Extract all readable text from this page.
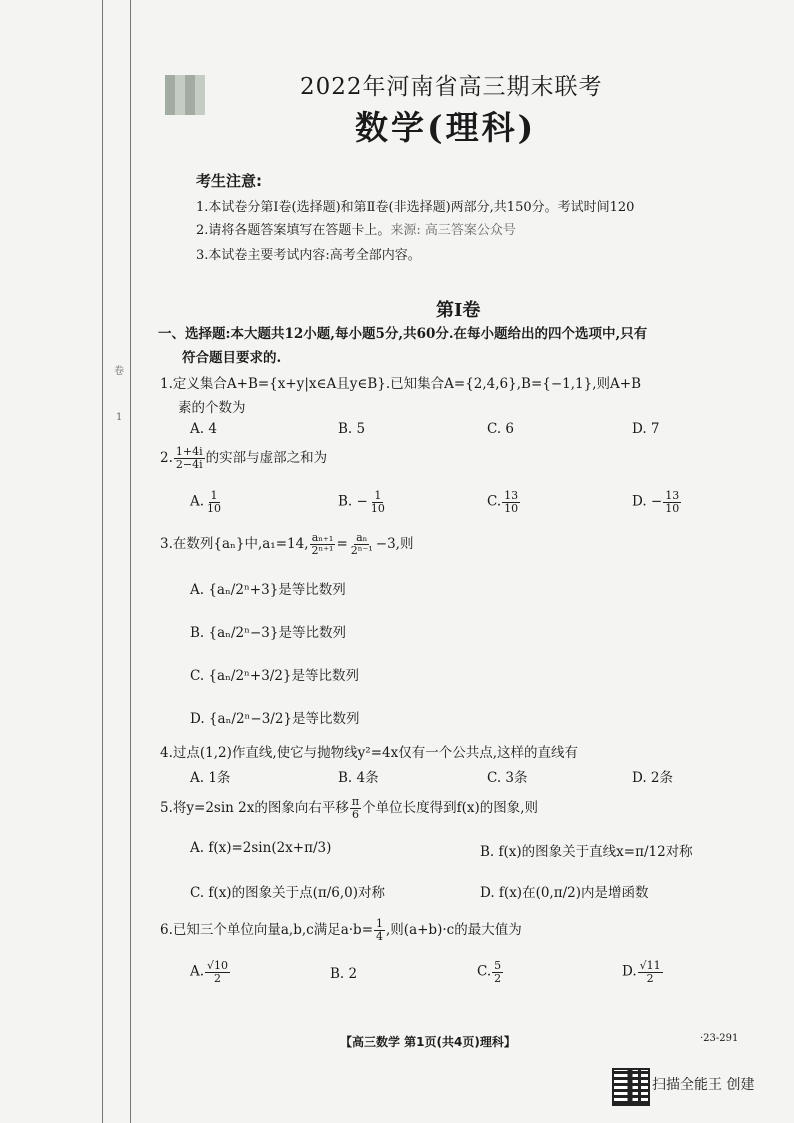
卷
1
2022年河南省高三期末联考
数学(理科)
考生注意:
1.本试卷分第Ⅰ卷(选择题)和第Ⅱ卷(非选择题)两部分,共150分。考试时间120
2.请将各题答案填写在答题卡上。来源: 高三答案公众号
3.本试卷主要考试内容:高考全部内容。
第Ⅰ卷
一、选择题:本大题共12小题,每小题5分,共60分.在每小题给出的四个选项中,只有
符合题目要求的.
1.定义集合A+B={x+y|x∈A且y∈B}.已知集合A={2,4,6},B={−1,1},则A+B
素的个数为
A. 4	B. 5	C. 6	D. 7
2. $\frac{1+4i}{2-4i}$ 的实部与虚部之和为
A. $\frac{1}{10}$	B. − $\frac{1}{10}$	C. $\frac{13}{10}$	D. − $\frac{13}{10}$
3.在数列{aₙ}中,a₁=14, $\frac{\text{aₙ₊₁}}{\text{2ⁿ⁺¹}} = \frac{\text{aₙ}}{\text{2ⁿ⁻¹}} -3$,则
A. {aₙ/2ⁿ+3}是等比数列
B. {aₙ/2ⁿ−3}是等比数列
C. {aₙ/2ⁿ+3/2}是等比数列
D. {aₙ/2ⁿ−3/2}是等比数列
4.过点(1,2)作直线,使它与抛物线y²=4x仅有一个公共点,这样的直线有
A. 1条	B. 4条	C. 3条	D. 2条
5.将y=2sin 2x的图象向右平移 $\frac{\pi}{6}$ 个单位长度得到f(x)的图象,则
A. f(x)=2sin(2x+π/3)	B. f(x)的图象关于直线x=π/12对称
C. f(x)的图象关于点(π/6,0)对称	D. f(x)在(0,π/2)内是增函数
6.已知三个单位向量a,b,c满足$a\cdot b= \frac{1}{4}$ ,则(a+b)·c的最大值为
A. $\frac{√10}{2}$	B. 2	C. $\frac{5}{2}$	D. $\frac{√11}{2}$
【高三数学 第1页(共4页)理科】	·23-291
扫描全能王 创建
